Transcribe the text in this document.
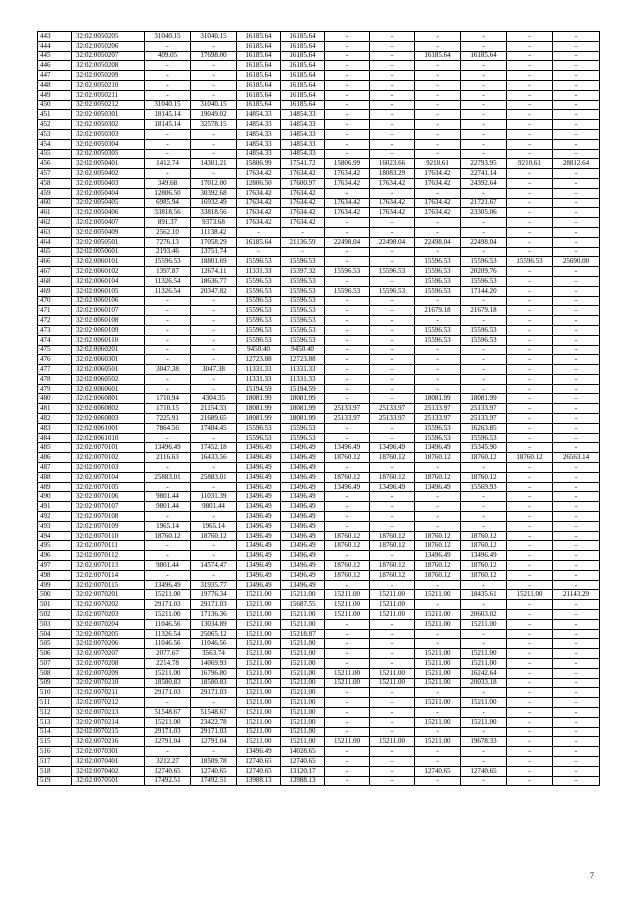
443	32:02:0050205	31040.15	31040.15	16185.64	16185.64	-	-	-	-	-	-
444	32:02:0050206	-	-	16185.64	16185.64	-	-	-	-	-	-
445	32:02:0050207	409.05	17698.00	16185.64	16185.64	-	-	16185.64	16185.64	-	-
446	32:02:0050208	-	-	16185.64	16185.64	-	-	-	-	-	-
447	32:02:0050209	-	-	16185.64	16185.64	-	-	-	-	-	-
448	32:02:0050210	-	-	16185.64	16185.64	-	-	-	-	-	-
449	32:02:0050211	-	-	16185.64	16185.64	-	-	-	-	-	-
450	32:02:0050212	31040.15	31040.15	16185.64	16185.64	-	-	-	-	-	-
451	32:02:0050301	18145.14	19049.02	14854.33	14854.33	-	-	-	-	-	-
452	32:02:0050302	18145.14	32578.15	14854.33	14854.33	-	-	-	-	-	-
453	32:02:0050303	-	-	14854.33	14854.33	-	-	-	-	-	-
454	32:02:0050304	-	-	14854.33	14854.33	-	-	-	-	-	-
455	32:02:0050305	-	-	14854.33	14854.33	-	-	-	-	-	-
456	32:02:0050401	1412.74	14301.21	15806.99	17541.72	15806.99	16023.66	9210.61	22793.95	9210.61	28812.64
457	32:02:0050402	-	-	17634.42	17634.42	17634.42	18083.29	17634.42	22741.14	-	-
458	32:02:0050403	349.68	17012.00	12806.50	17600.97	17634.42	17634.42	17634.42	24392.64	-	-
459	32:02:0050404	12806.50	30392.68	17634.42	17634.42	-	-	-	-	-	-
460	32:02:0050405	6985.94	16932.49	17634.42	17634.42	17634.42	17634.42	17634.42	21721.67	-	-
461	32:02:0050406	33818.56	33818.56	17634.42	17634.42	17634.42	17634.42	17634.42	23305.06	-	-
462	32:02:0050407	891.37	9373.68	17634.42	17634.42	-	-	-	-	-	-
463	32:02:0050409	2562.10	11138.42	-	-	-	-	-	-	-	-
464	32:02:0050501	7276.13	17058.29	16185.64	21136.59	22498.04	22498.04	22498.04	22498.04	-	-
465	32:02:0050601	2193.46	13751.74	-	-	-	-	-	-	-	-
466	32:02:0060101	15596.53	18801.69	15596.53	15596.53	-	-	15596.53	15596.53	15596.53	25690.00
467	32:02:0060102	1397.87	12674.11	11331.33	15397.32	15596.53	15596.53	15596.53	20209.76	-	-
468	32:02:0060104	11326.54	18636.77	15596.53	15596.53	-	-	15596.53	15596.53	-	-
469	32:02:0060105	11326.54	20347.82	15596.53	15596.53	15596.53	15596.53	15596.53	17144.20	-	-
470	32:02:0060106	-	-	15596.53	15596.53	-	-	-	-	-	-
471	32:02:0060107	-	-	15596.53	15596.53	-	-	21679.18	21679.18	-	-
472	32:02:0060108	-	-	15596.53	15596.53	-	-	-	-	-	-
473	32:02:0060109	-	-	15596.53	15596.53	-	-	15596.53	15596.53	-	-
474	32:02:0060110	-	-	15596.53	15596.53	-	-	15596.53	15596.53	-	-
475	32:02:0060201	-	-	9450.40	9450.40	-	-	-	-	-	-
476	32:02:0060301	-	-	12723.88	12723.88	-	-	-	-	-	-
477	32:02:0060501	3047.38	3047.38	11331.33	11331.33	-	-	-	-	-	-
478	32:02:0060502	-	-	11331.33	11331.33	-	-	-	-	-	-
479	32:02:0060601	-	-	15194.59	15194.59	-	-	-	-	-	-
480	32:02:0060801	1710.94	4304.35	18081.99	18081.99	-	-	18081.99	18081.99	-	-
481	32:02:0060802	1710.15	21154.33	18081.99	18081.99	25133.97	25133.97	25133.97	25133.97	-	-
482	32:02:0060803	7225.91	21689.65	18081.99	18081.99	25133.97	25133.97	25133.97	25133.97	-	-
483	32:02:0061001	7864.56	17484.45	15596.53	15596.53	-	-	15596.53	16263.85	-	-
484	32:02:0061010	-	-	15596.53	15596.53	-	-	15596.53	15596.53	-	-
485	32:02:0070101	13496.49	17452.18	13496.49	13496.49	13496.49	13496.49	13496.49	15345.90	-	-
486	32:02:0070102	2116.63	16433.56	13496.49	13496.49	18760.12	18760.12	18760.12	18760.12	18760.12	26563.14
487	32:02:0070103	-	-	13496.49	13496.49	-	-	-	-	-	-
488	32:02:0070104	25883.01	25883.01	13496.49	13496.49	18760.12	18760.12	18760.12	18760.12	-	-
489	32:02:0070105	-	-	13496.49	13496.49	13496.49	13496.49	13496.49	15569.93	-	-
490	32:02:0070106	9801.44	11031.39	13496.49	13496.49	-	-	-	-	-	-
491	32:02:0070107	9801.44	9801.44	13496.49	13496.49	-	-	-	-	-	-
492	32:02:0070108	-	-	13496.49	13496.49	-	-	-	-	-	-
493	32:02:0070109	1965.14	1965.14	13496.49	13496.49	-	-	-	-	-	-
494	32:02:0070110	18760.12	18760.12	13496.49	13496.49	18760.12	18760.12	18760.12	18760.12	-	-
495	32:02:0070111	-	-	13496.49	13496.49	18760.12	18760.12	18760.12	18760.12	-	-
496	32:02:0070112	-	-	13496.49	13496.49	-	-	13496.49	13496.49	-	-
497	32:02:0070113	9801.44	14574.47	13496.49	13496.49	18760.12	18760.12	18760.12	18760.12	-	-
498	32:02:0070114	-	-	13496.49	13496.49	18760.12	18760.12	18760.12	18760.12	-	-
499	32:02:0070115	13496.49	31935.77	13496.49	13496.49	-	-	-	-	-	-
500	32:02:0070201	15211.00	19776.34	15211.00	15211.00	15211.00	15211.00	15211.00	18435.61	15211.00	21143.29
501	32:02:0070202	29171.03	29171.03	15211.00	15687.55	15211.00	15211.00	-	-	-	-
502	32:02:0070203	15211.00	17136.36	15211.00	15211.00	15211.00	15211.00	15211.00	20603.02	-	-
503	32:02:0070204	11046.56	13034.89	15211.00	15211.00	-	-	15211.00	15211.00	-	-
504	32:02:0070205	11326.54	25065.12	15211.00	15218.87	-	-	-	-	-	-
505	32:02:0070206	11046.56	11046.56	15211.00	15211.00	-	-	-	-	-	-
506	32:02:0070207	2077.67	3563.74	15211.00	15211.00	-	-	15211.00	15211.00	-	-
507	32:02:0070208	2214.78	14069.93	15211.00	15211.00	-	-	15211.00	15211.00	-	-
508	32:02:0070209	15211.00	16796.80	15211.00	15211.00	15211.00	15211.00	15211.00	16242.64	-	-
509	32:02:0070210	18580.83	18580.83	15211.00	15211.00	15211.00	15211.00	15211.00	20033.18	-	-
510	32:02:0070211	29171.03	29171.03	15211.00	15211.00	-	-	-	-	-	-
511	32:02:0070212	-	-	15211.00	15211.00	-	-	15211.00	15211.00	-	-
512	32:02:0070213	51548.67	51548.67	15211.00	15211.00	-	-	-	-	-	-
513	32:02:0070214	15211.00	23422.78	15211.00	15211.00	-	-	15211.00	15211.00	-	-
514	32:02:0070215	29171.03	29171.03	15211.00	15211.00	-	-	-	-	-	-
515	32:02:0070216	12791.04	12791.04	15211.00	15211.00	15211.00	15211.00	15211.00	19678.33	-	-
516	32:02:0070301	-	-	13496.49	14028.65	-	-	-	-	-	-
517	32:02:0070401	3212.27	18509.78	12740.65	12740.65	-	-	-	-	-	-
518	32:02:0070402	12740.65	12740.65	12740.65	13120.17	-	-	12740.65	12740.65	-	-
519	32:02:0070501	17492.51	17492.51	13988.13	13988.13	-	-	-	-	-	-
7
